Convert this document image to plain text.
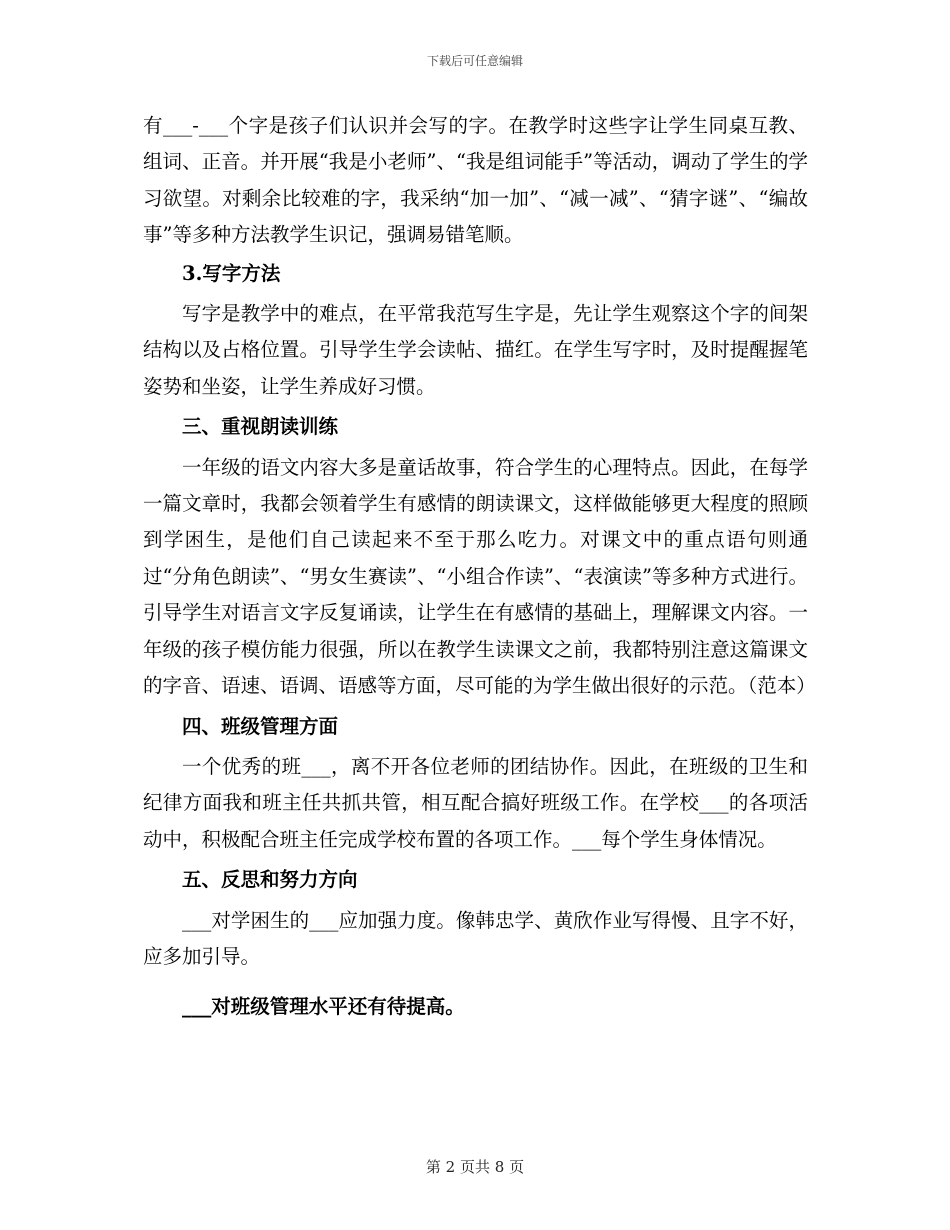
下载后可任意编辑

有___-___个字是孩子们认识并会写的字。在教学时这些字让学生同桌互教、组词、正音。并开展“我是小老师”、“我是组词能手”等活动，调动了学生的学习欲望。对剩余比较难的字，我采纳“加一加”、“减一减”、“猜字谜”、“编故事”等多种方法教学生识记，强调易错笔顺。

3.写字方法

写字是教学中的难点，在平常我范写生字是，先让学生观察这个字的间架结构以及占格位置。引导学生学会读帖、描红。在学生写字时，及时提醒握笔姿势和坐姿，让学生养成好习惯。

三、重视朗读训练

一年级的语文内容大多是童话故事，符合学生的心理特点。因此，在每学一篇文章时，我都会领着学生有感情的朗读课文，这样做能够更大程度的照顾到学困生，是他们自己读起来不至于那么吃力。对课文中的重点语句则通过“分角色朗读”、“男女生赛读”、“小组合作读”、“表演读”等多种方式进行。引导学生对语言文字反复诵读，让学生在有感情的基础上，理解课文内容。一年级的孩子模仿能力很强，所以在教学生读课文之前，我都特别注意这篇课文的字音、语速、语调、语感等方面，尽可能的为学生做出很好的示范。（范本）

四、班级管理方面

一个优秀的班___，离不开各位老师的团结协作。因此，在班级的卫生和纪律方面我和班主任共抓共管，相互配合搞好班级工作。在学校___的各项活动中，积极配合班主任完成学校布置的各项工作。___每个学生身体情况。

五、反思和努力方向

___对学困生的___应加强力度。像韩忠学、黄欣作业写得慢、且字不好，应多加引导。

___对班级管理水平还有待提高。

第 2 页共 8 页
